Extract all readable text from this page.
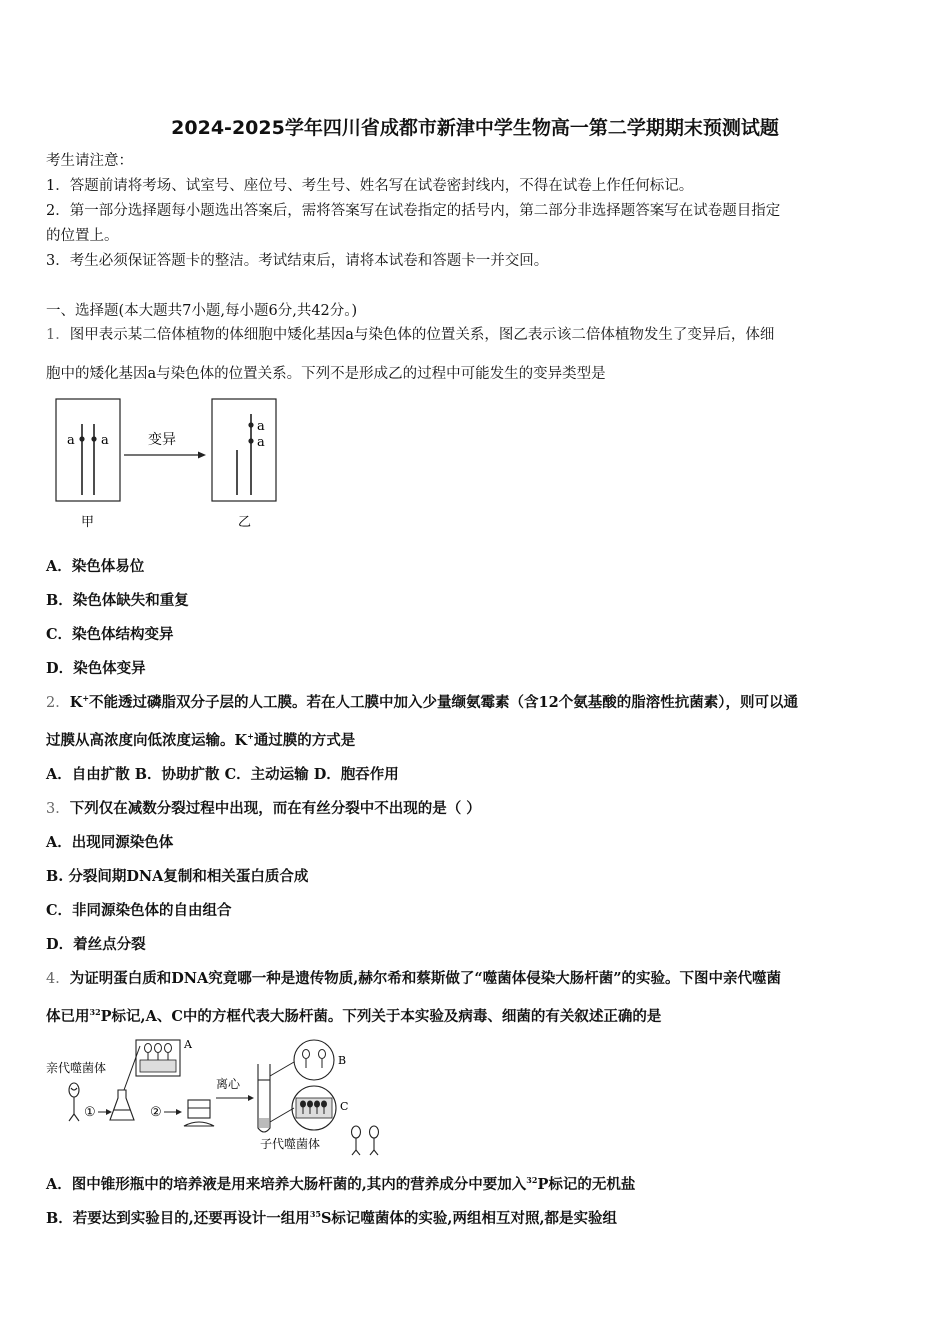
2024-2025学年四川省成都市新津中学生物高一第二学期期末预测试题
考生请注意：
1．答题前请将考场、试室号、座位号、考生号、姓名写在试卷密封线内，不得在试卷上作任何标记。
2．第一部分选择题每小题选出答案后，需将答案写在试卷指定的括号内，第二部分非选择题答案写在试卷题目指定
的位置上。
3．考生必须保证答题卡的整洁。考试结束后，请将本试卷和答题卡一并交回。
一、选择题(本大题共7小题,每小题6分,共42分。)
1．图甲表示某二倍体植物的体细胞中矮化基因a与染色体的位置关系，图乙表示该二倍体植物发生了变异后，体细
胞中的矮化基因a与染色体的位置关系。下列不是形成乙的过程中可能发生的变异类型是
a a	变异
a
a
甲	乙
A．染色体易位
B．染色体缺失和重复
C．染色体结构变异
D．染色体变异
2．K+不能透过磷脂双分子层的人工膜。若在人工膜中加入少量缬氨霉素（含12个氨基酸的脂溶性抗菌素），则可以通
过膜从高浓度向低浓度运输。K+通过膜的方式是
A．自由扩散 B．协助扩散 C．主动运输 D．胞吞作用
3．下列仅在减数分裂过程中出现，而在有丝分裂中不出现的是（ ）
A．出现同源染色体
B. 分裂间期DNA复制和相关蛋白质合成
C．非同源染色体的自由组合
D．着丝点分裂
4．为证明蛋白质和DNA究竟哪一种是遗传物质,赫尔希和蔡斯做了“噬菌体侵染大肠杆菌”的实验。下图中亲代噬菌
体已用$^{32}$P标记,A、C中的方框代表大肠杆菌。下列关于本实验及病毒、细菌的有关叙述正确的是
亲代噬菌体
①	②
A
离心
B
C
子代噬菌体
A．图中锥形瓶中的培养液是用来培养大肠杆菌的,其内的营养成分中要加入$^{32}$P标记的无机盐
B．若要达到实验目的,还要再设计一组用$^{35}$S标记噬菌体的实验,两组相互对照,都是实验组
